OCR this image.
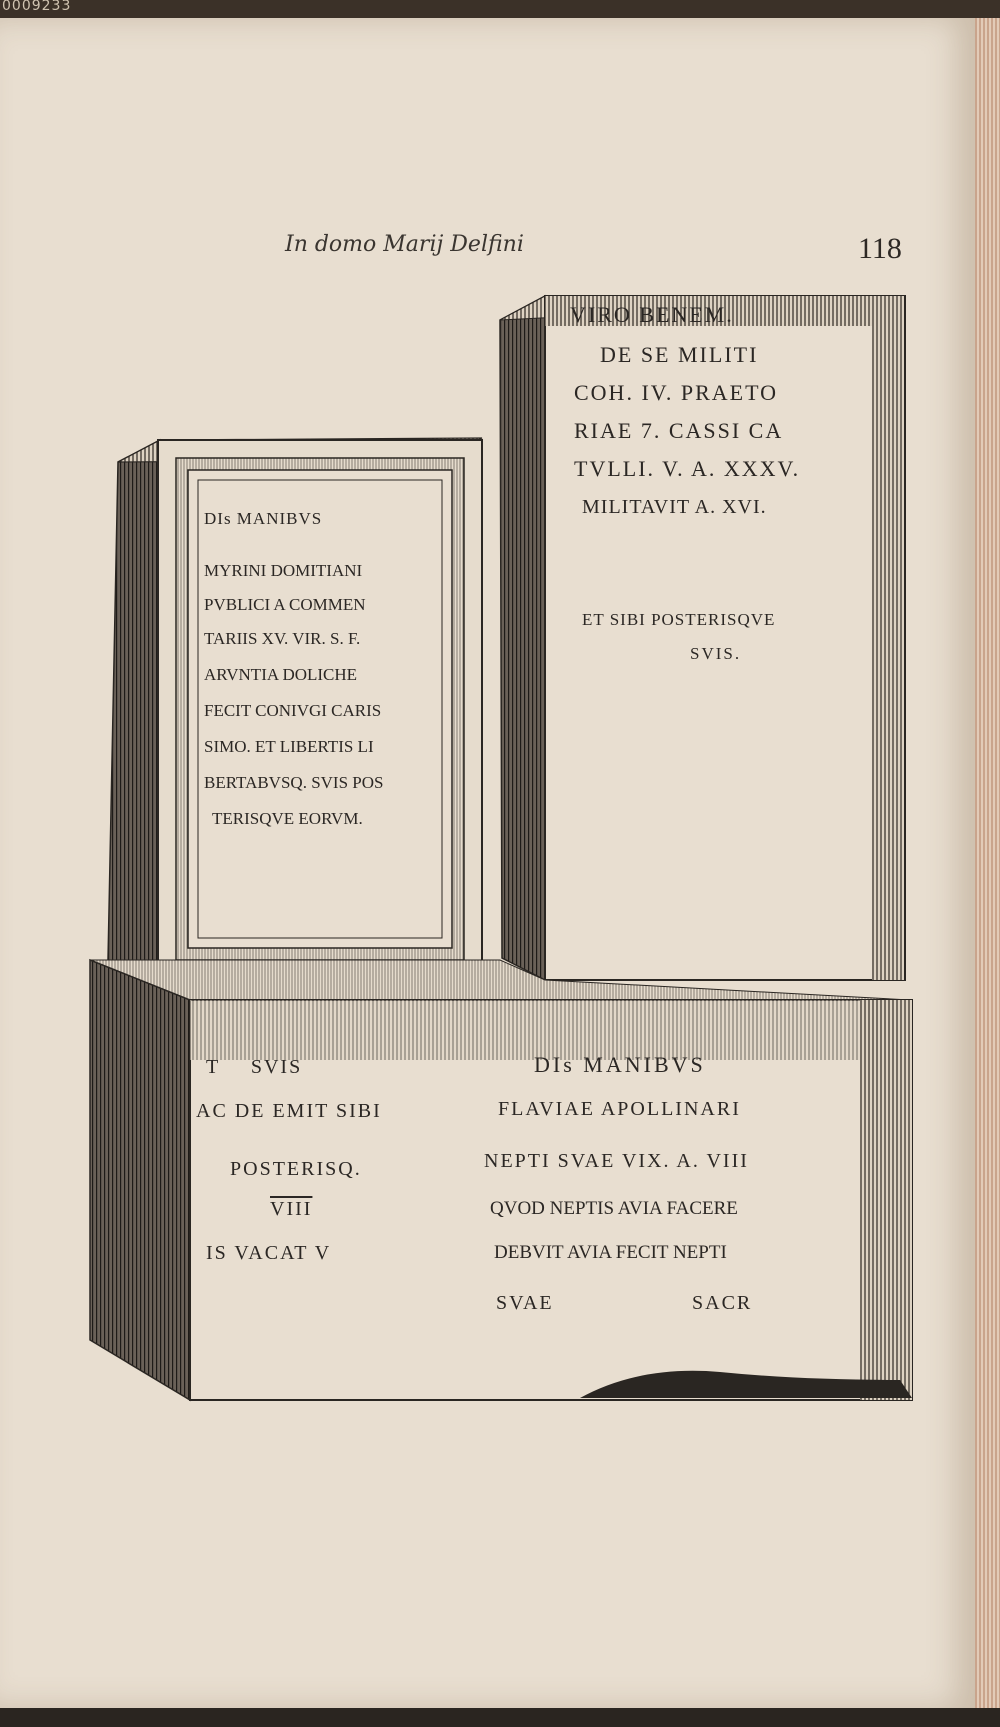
0009233
In domo Marij Delfini	118
DIs MANIBVS
MYRINI DOMITIANI
PVBLICI A COMMEN
TARIIS XV. VIR. S. F.
ARVNTIA DOLICHE
FECIT CONIVGI CARIS
SIMO. ET LIBERTIS LI
BERTABVSQ. SVIS POS
TERISQVE EORVM.
VIRO BENEM.
DE SE MILITI
COH. IV. PRAETO
RIAE 7. CASSI CA
TVLLI. V. A. XXXV.
MILITAVIT A. XVI.
ET SIBI POSTERISQVE
SVIS.
T SVIS
AC DE EMIT SIBI
POSTERISQ.
VIII
IS VACAT V
DIs MANIBVS
FLAVIAE APOLLINARI
NEPTI SVAE VIX. A. VIII
QVOD NEPTIS AVIA FACERE
DEBVIT AVIA FECIT NEPTI
SVAE	SACR
